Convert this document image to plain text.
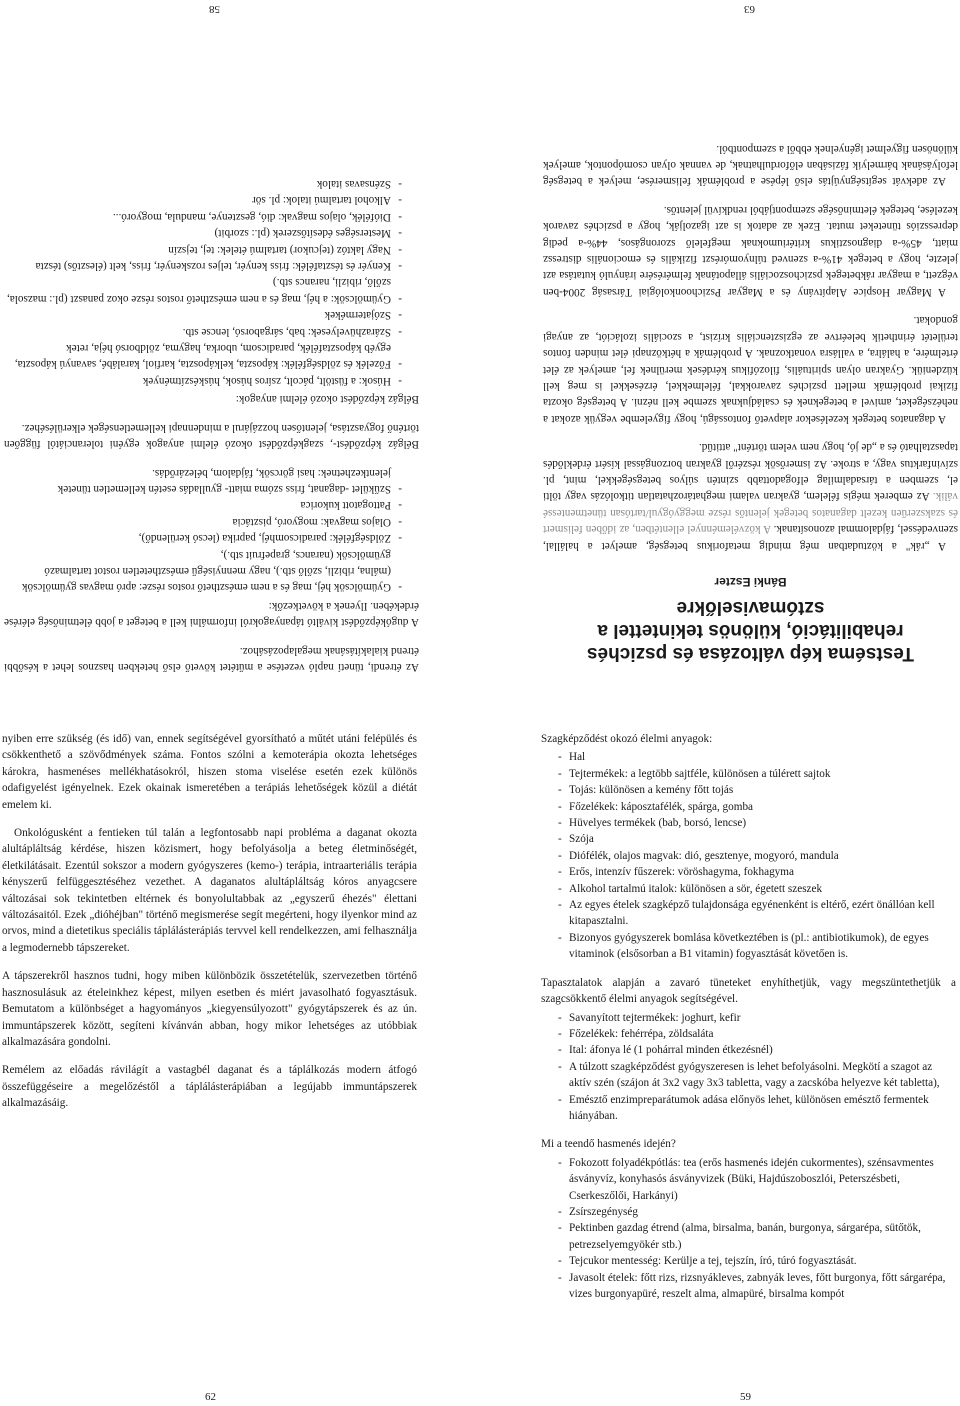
Testséma kép változása és pszichés rehabilitáció, különös tekintettel a sztómaviselőkre
Bánki Eszter

A „rák" a köztudatban még mindig metaforikus betegség, amelyet a halállal, szenvedéssel, fájdalommal azonosítanak. A közvéleménnyel ellentétben, az időben felismert és szakszerűen kezelt daganatos betegek jelentős része meggyógyul/tartósan tünetmentessé válik. Az emberek mégis félelem, gyakran valami meghatározhatatlan titkolózás vagy tölti el, szemben a társadalmilag elfogadottabb szintén súlyos betegségekkel, mint, pl. szívinfarktus vagy, a stroke. Az ismerősök részéről gyakran borzongással kísért érdeklődés tapasztalható és a „de jó, hogy nem velem történt" attitűd.

A daganatos betegek kezelésekor alapvető fontosságú, hogy figyelembe vegyük azokat a nehézségeket, amivel a betegeknek és családjuknak szembe kell nézni. A betegség okozta fizikai problémák mellett pszichés zavarokkal, félelmekkel, érzésekkel is meg kell küzdeniük. Gyakran olyan spirituális, filozófikus kérdések merülnek fel, amelyek az élet értelmére, a halálra, a vallásra vonatkoznak. A problémák a hétköznapi élet minden fontos területét érinthetik beleértve az egzisztenciális krízist, a szociális izolációt, az anyagi gondokat.

A Magyar Hospice Alapítvány és a Magyar Pszichoonkológiai Társaság 2004-ben végzett, a magyar rákbetegek pszichoszociális állapotának felmérésére irányuló kutatása azt jelezte, hogy a betegek 41%-a szenved túlnyomórészt fizikális és emocionális distressz miatt, 45%-a diagnosztikus kritériumoknak megfelelő szorongásos, 44%-a pedig depressziós tüneteket mutat. Ezek az adatok is azt igazolják, hogy a pszichés zavarok kezelése, betegek életminősége szempontjából rendkívül jelentős.

Az adekvát segítségnyújtás első lépése a problémák felismerése, melyek a betegség lefolyásának bármelyik fázisában előfordulhatnak, de vannak olyan csomópontok, amelyek különösen figyelmet igényelnek ebből a szempontból.

Az étrendi, tünetí napló vezetése a műtétet követő első hetekben hasznos lehet a későbbi étrend kialakításának megalapozásához.

A dugóképződést kiváltó tápanyagokról informálni kell a beteget a jobb életminőség elérése érdekében. Ilyenek a következők:

- Gyümölcsök héj, mag és a nem emészthető rostos része: apró magvas gyümölcsök (málna, ribizli, szőlő stb.), nagy mennyiségű emészthetetlen rostot tartalmazó gyümölcsök (narancs, grapefruit stb.),
- Zöldségfélék: paradicsomhéj, paprika (lecsó kerülendő),
- Olajos magvak: mogyoró, pisztácia
- Pattogatott kukorica
- Szűkület -daganat, friss szóma miatt- gyulladás esetén kellemetlen tünetek jelentkezhetnek: hasi görcsök, fájdalom, bélezárődás.

Bélgáz képződést-, szagképződést okozó élelmi anyagok egyéni toleranciától függően történő fogyasztása, jelentősen hozzájárul a mindennapi kellemetlenségek elkerüléséhez.

Bélgáz képződést okozó élelmi anyagok:

- Húsok: a füstölt, pácolt, zsíros húsok, húskészítmények
- Főzelék és zöldségfélék: káposzta, kelkáposzta, karfiol, karalábé, savanyú káposzta, egyéb káposztafélék, paradicsom, uborka, hagyma, zöldborsó héja, retek
- Szárazhüvelyesek: bab, sárgaborsó, lencse stb.
- Szójatermékek
- Gyümölcsök: a héj, mag és a nem emészthető rostos része okoz panaszt (pl.: mazsola, szőlő, ribizli, narancs stb.)
- Kenyér és tésztafélék: friss kenyér, teljes rozskenyér, friss, kelt (élesztős) tészta
- Nagy laktóz (tejcukor) tartalmú ételek: tej, tejszín
- Mesterséges édesítőszerek (pl.: szorbit)
- Diófélék, olajos magvak: dió, gesztenye, mandula, mogyoró...
- Alkohol tartalmú italok: pl. sör
- Szénsavas italok
63
58

nyiben erre szükség (és idő) van, ennek segítségével gyorsítható a műtét utáni felépülés és csökkenthető a szövődmények száma. Fontos szólni a kemoterápia okozta lehetséges károkra, hasmenéses mellékhatásokról, hiszen stoma viselése esetén ezek különös odafigyelést igényelnek. Ezek okainak ismeretében a terápiás lehetőségek közül a diétát emelem ki.

Onkológusként a fentieken túl talán a legfontosabb napi probléma a daganat okozta alultápláltság kérdése, hiszen közismert, hogy befolyásolja a beteg életminőségét, életkilátásait. Ezentúl sokszor a modern gyógyszeres (kemo-) terápia, intraarteriális terápia kényszerű felfüggesztéséhez vezethet. A daganatos alultápláltság kóros anyagcsere változásai sok tekintetben eltérnek és bonyolultabbak az „egyszerű éhezés" élettani változásaitól. Ezek „dióhéjban" történő megismerése segít megérteni, hogy ilyenkor mind az orvos, mind a dietetikus speciális táplálásterápiás tervvel kell rendelkezzen, ami felhasználja a legmodernebb tápszereket.

A tápszerekről hasznos tudni, hogy miben különbözik összetételük, szervezetben történő hasznosulásuk az ételeinkhez képest, milyen esetben és miért javasolható fogyasztásuk. Bemutatom a különbséget a hagyományos „kiegyensúlyozott" gyógytápszerek és az ún. immuntápszerek között, segíteni kívánván abban, hogy mikor lehetséges az utóbbiak alkalmazására gondolni.

Remélem az előadás rávilágít a vastagbél daganat és a táplálkozás modern átfogó összefüggéseire a megelőzéstől a táplálásterápiában a legújabb immuntápszerek alkalmazásáig.

Szagképződést okozó élelmi anyagok:

- Hal
- Tejtermékek: a legtöbb sajtféle, különösen a túlérett sajtok
- Tojás: különösen a kemény főtt tojás
- Főzelékek: káposztafélék, spárga, gomba
- Hüvelyes termékek (bab, borsó, lencse)
- Szója
- Diófélék, olajos magvak: dió, gesztenye, mogyoró, mandula
- Erős, intenzív fűszerek: vöröshagyma, fokhagyma
- Alkohol tartalmú italok: különösen a sör, égetett szeszek
- Az egyes ételek szagképző tulajdonsága egyénenként is eltérő, ezért önállóan kell kitapasztalni.
- Bizonyos gyógyszerek bomlása következtében is (pl.: antibiotikumok), de egyes vitaminok (elsősorban a B1 vitamin) fogyasztását követően is.

Tapasztalatok alapján a zavaró tüneteket enyhíthetjük, vagy megszüntethetjük a szagcsökkentő élelmi anyagok segítségével.

- Savanyított tejtermékek: joghurt, kefir
- Főzelékek: fehérrépa, zöldsaláta
- Ital: áfonya lé (1 pohárral minden étkezésnél)
- A túlzott szagképződést gyógyszeresen is lehet befolyásolni. Megkötí a szagot az aktív szén (szájon át 3x2 vagy 3x3 tabletta, vagy a zacskóba helyezve két tabletta),
- Emésztő enzimpreparátumok adása előnyös lehet, különösen emésztő fermentek hiányában.

Mi a teendő hasmenés idején?

- Fokozott folyadékpótlás: tea (erős hasmenés idején cukormentes), szénsavmentes ásványvíz, konyhasós ásványvizek (Büki, Hajdúszoboszlói, Peterszésbeti, Cserkeszőlői, Harkányi)
- Zsírszegénység
- Pektinben gazdag étrend (alma, birsalma, banán, burgonya, sárgarépa, sütőtök, petrezselyemgyökér stb.)
- Tejcukor mentesség: Kerülje a tej, tejszín, író, túró fogyasztását.
- Javasolt ételek: főtt rizs, rizsnyákleves, zabnyák leves, főtt burgonya, főtt sárgarépa, vizes burgonyapüré, reszelt alma, almapüré, birsalma kompót
62	59
